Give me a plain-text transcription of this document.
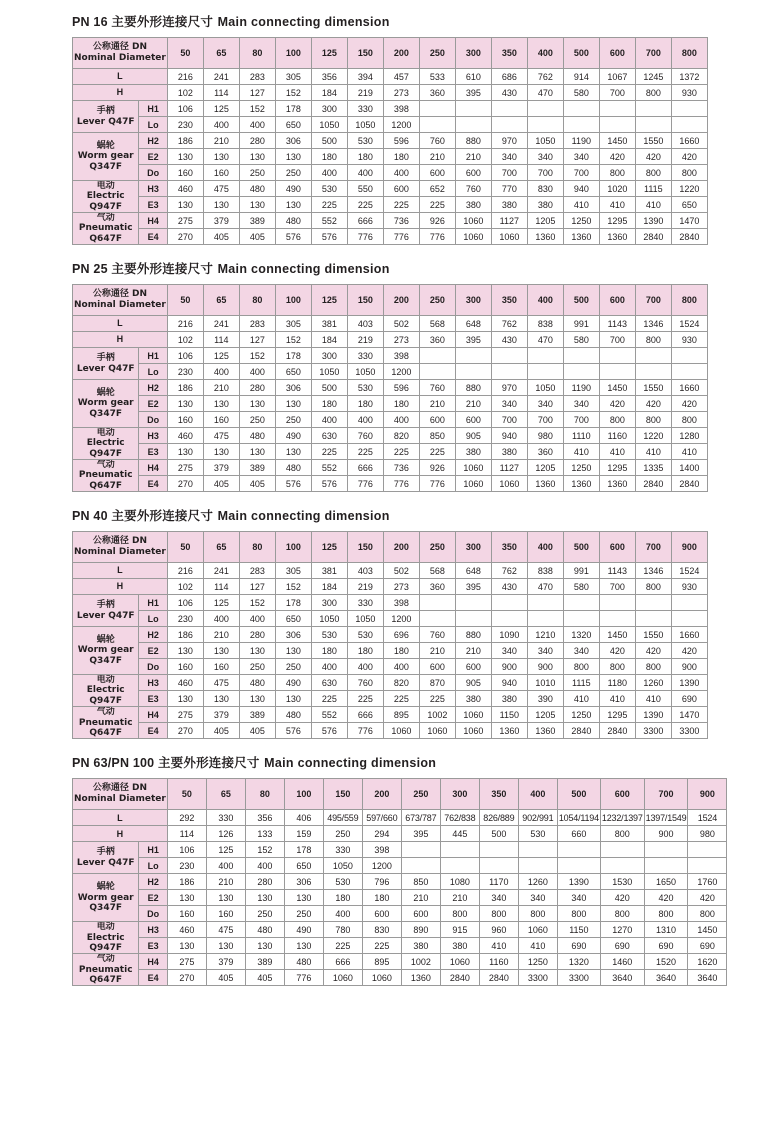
PN 16 主要外形连接尺寸 Main connecting dimension
公称通径 DN
Nominal Diameter		50	65	80	100	125	150	200	250	300	350	400	500	600	700	800
L		216	241	283	305	356	394	457	533	610	686	762	914	1067	1245	1372
H		102	114	127	152	184	219	273	360	395	430	470	580	700	800	930
手柄
Lever Q47F	H1	106	125	152	178	300	330	398								
	Lo	230	400	400	650	1050	1050	1200								
蜗轮
Worm gear
Q347F	H2	186	210	280	306	500	530	596	760	880	970	1050	1190	1450	1550	1660
	E2	130	130	130	130	180	180	180	210	210	340	340	340	420	420	420
	Do	160	160	250	250	400	400	400	600	600	700	700	700	800	800	800
电动
Electric
Q947F	H3	460	475	480	490	530	550	600	652	760	770	830	940	1020	1115	1220
	E3	130	130	130	130	225	225	225	225	380	380	380	410	410	410	650
气动
Pneumatic
Q647F	H4	275	379	389	480	552	666	736	926	1060	1127	1205	1250	1295	1390	1470
	E4	270	405	405	576	576	776	776	776	1060	1060	1360	1360	1360	2840	2840
PN 25 主要外形连接尺寸 Main connecting dimension
公称通径 DN
Nominal Diameter		50	65	80	100	125	150	200	250	300	350	400	500	600	700	800
L		216	241	283	305	381	403	502	568	648	762	838	991	1143	1346	1524
H		102	114	127	152	184	219	273	360	395	430	470	580	700	800	930
手柄
Lever Q47F	H1	106	125	152	178	300	330	398								
	Lo	230	400	400	650	1050	1050	1200								
蜗轮
Worm gear
Q347F	H2	186	210	280	306	500	530	596	760	880	970	1050	1190	1450	1550	1660
	E2	130	130	130	130	180	180	180	210	210	340	340	340	420	420	420
	Do	160	160	250	250	400	400	400	600	600	700	700	700	800	800	800
电动
Electric
Q947F	H3	460	475	480	490	630	760	820	850	905	940	980	1110	1160	1220	1280
	E3	130	130	130	130	225	225	225	225	380	380	360	410	410	410	410
气动
Pneumatic
Q647F	H4	275	379	389	480	552	666	736	926	1060	1127	1205	1250	1295	1335	1400
	E4	270	405	405	576	576	776	776	776	1060	1060	1360	1360	1360	2840	2840
PN 40 主要外形连接尺寸 Main connecting dimension
公称通径 DN
Nominal Diameter		50	65	80	100	125	150	200	250	300	350	400	500	600	700	900
L		216	241	283	305	381	403	502	568	648	762	838	991	1143	1346	1524
H		102	114	127	152	184	219	273	360	395	430	470	580	700	800	930
手柄
Lever Q47F	H1	106	125	152	178	300	330	398								
	Lo	230	400	400	650	1050	1050	1200								
蜗轮
Worm gear
Q347F	H2	186	210	280	306	530	530	696	760	880	1090	1210	1320	1450	1550	1660
	E2	130	130	130	130	180	180	180	210	210	340	340	340	420	420	420
	Do	160	160	250	250	400	400	400	600	600	900	900	800	800	800	900
电动
Electric
Q947F	H3	460	475	480	490	630	760	820	870	905	940	1010	1115	1180	1260	1390
	E3	130	130	130	130	225	225	225	225	380	380	390	410	410	410	690
气动
Pneumatic
Q647F	H4	275	379	389	480	552	666	895	1002	1060	1150	1205	1250	1295	1390	1470
	E4	270	405	405	576	576	776	1060	1060	1060	1360	1360	2840	2840	3300	3300
PN 63/PN 100 主要外形连接尺寸 Main connecting dimension
公称通径 DN
Nominal Diameter		50	65	80	100	150	200	250	300	350	400	500	600	700	900
L		292	330	356	406	495/559	597/660	673/787	762/838	826/889	902/991	1054/1194	1232/1397	1397/1549	1524
H		114	126	133	159	250	294	395	445	500	530	660	800	900	980
手柄
Lever Q47F	H1	106	125	152	178	330	398								
	Lo	230	400	400	650	1050	1200								
蜗轮
Worm gear
Q347F	H2	186	210	280	306	530	796	850	1080	1170	1260	1390	1530	1650	1760
	E2	130	130	130	130	180	180	210	210	340	340	340	420	420	420
	Do	160	160	250	250	400	600	600	800	800	800	800	800	800	800
电动
Electric
Q947F	H3	460	475	480	490	780	830	890	915	960	1060	1150	1270	1310	1450
	E3	130	130	130	130	225	225	380	380	410	410	690	690	690	690
气动
Pneumatic
Q647F	H4	275	379	389	480	666	895	1002	1060	1160	1250	1320	1460	1520	1620
	E4	270	405	405	776	1060	1060	1360	2840	2840	3300	3300	3640	3640	3640
